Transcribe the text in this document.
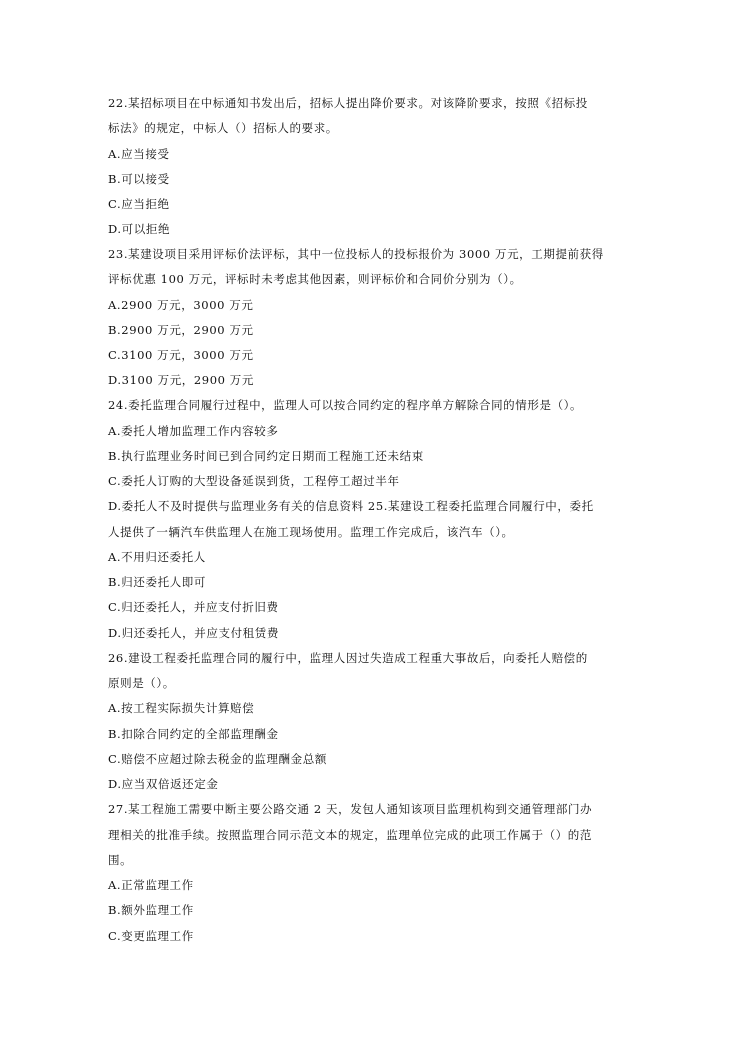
22.某招标项目在中标通知书发出后，招标人提出降价要求。对该降阶要求，按照《招标投
标法》的规定，中标人（）招标人的要求。
A.应当接受
B.可以接受
C.应当拒绝
D.可以拒绝
23.某建设项目采用评标价法评标，其中一位投标人的投标报价为 3000 万元，工期提前获得
评标优惠 100 万元，评标时未考虑其他因素，则评标价和合同价分别为（）。
A.2900 万元，3000 万元
B.2900 万元，2900 万元
C.3100 万元，3000 万元
D.3100 万元，2900 万元
24.委托监理合同履行过程中，监理人可以按合同约定的程序单方解除合同的情形是（）。
A.委托人增加监理工作内容较多
B.执行监理业务时间已到合同约定日期而工程施工还未结束
C.委托人订购的大型设备延误到货，工程停工超过半年
D.委托人不及时提供与监理业务有关的信息资料 25.某建设工程委托监理合同履行中，委托
人提供了一辆汽车供监理人在施工现场使用。监理工作完成后，该汽车（）。
A.不用归还委托人
B.归还委托人即可
C.归还委托人，并应支付折旧费
D.归还委托人，并应支付租赁费
26.建设工程委托监理合同的履行中，监理人因过失造成工程重大事故后，向委托人赔偿的
原则是（）。
A.按工程实际损失计算赔偿
B.扣除合同约定的全部监理酬金
C.赔偿不应超过除去税金的监理酬金总额
D.应当双倍返还定金
27.某工程施工需要中断主要公路交通 2 天，发包人通知该项目监理机构到交通管理部门办
理相关的批准手续。按照监理合同示范文本的规定，监理单位完成的此项工作属于（）的范
围。
A.正常监理工作
B.额外监理工作
C.变更监理工作
